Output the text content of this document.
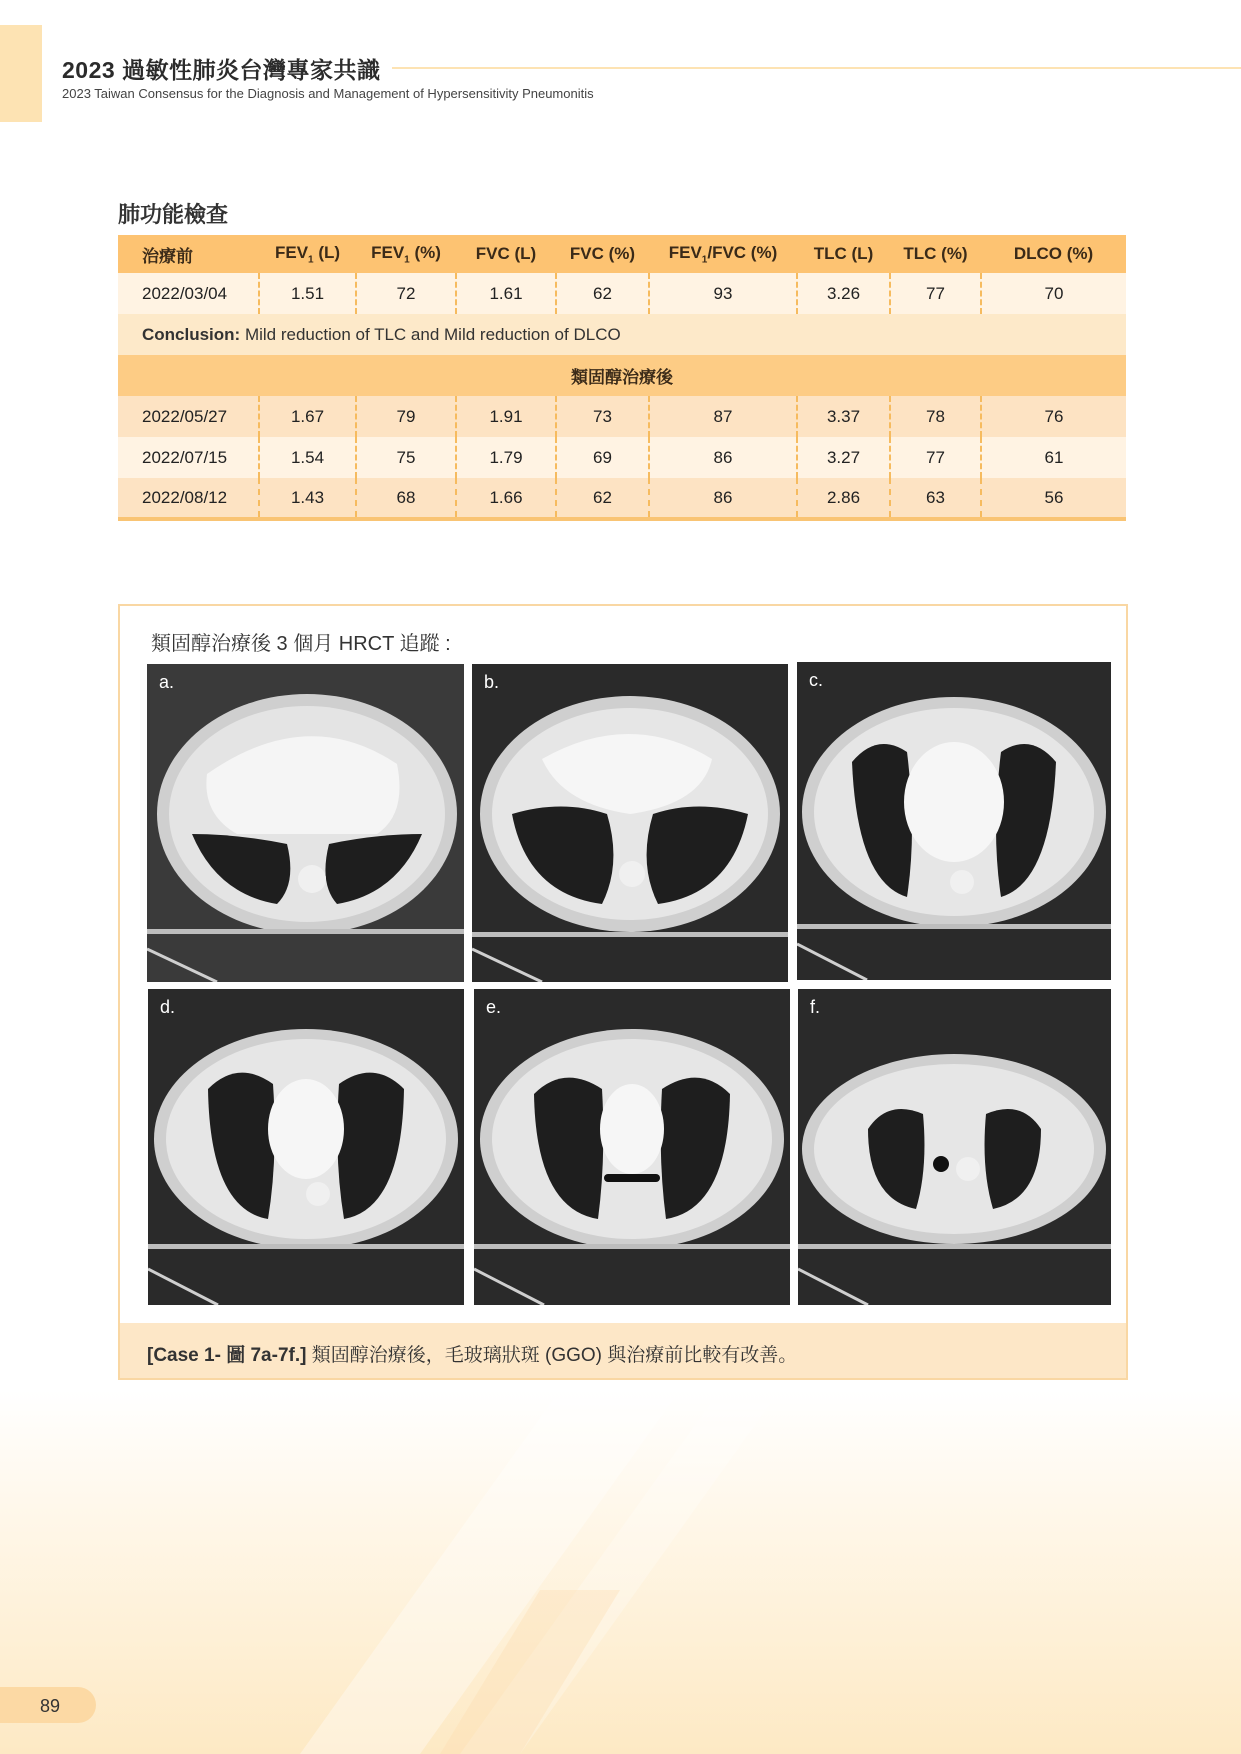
2023 過敏性肺炎台灣專家共識
2023 Taiwan Consensus for the Diagnosis and Management of Hypersensitivity Pneumonitis
肺功能檢查
治療前	$FEV_1$ (L)	$FEV_1$ (%)	FVC (L)	FVC (%)	$FEV_1$/FVC (%)	TLC (L)	TLC (%)	DLCO (%)
2022/03/04	1.51	72	1.61	62	93	3.26	77	70
Conclusion: Mild reduction of TLC and Mild reduction of DLCO								
類固醇治療後								
2022/05/27	1.67	79	1.91	73	87	3.37	78	76
2022/07/15	1.54	75	1.79	69	86	3.27	77	61
2022/08/12	1.43	68	1.66	62	86	2.86	63	56
類固醇治療後 3 個月 HRCT 追蹤 :
a.	b.	c.
d.	e.	f.
[Case 1- 圖 7a-7f.] 類固醇治療後，毛玻璃狀斑 (GGO) 與治療前比較有改善。
89
